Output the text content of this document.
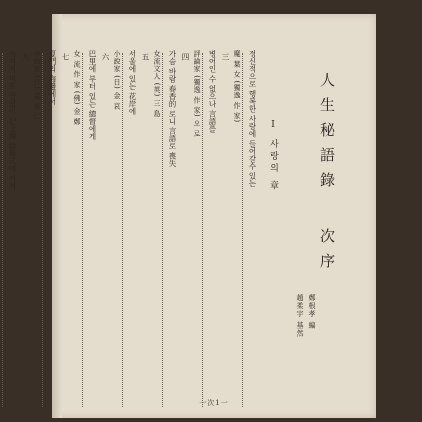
人生秘語錄 次序
鄭根孝 編
趙柔宇 基然
Ⅰ 사랑의 章
정신적으로 행복한 사랑에 들어갈수 있는
魔 葉 女 (獨逸 作 家)
三
병어인 수 없으나 言語를
評論家 (獨逸 作 家) 오 로
四
가슴 바랍 春香的 로니 言語로 喪失
女流文人 (英) 三 島
五
서울에 있는 花岸에
小說家 (日) 金 哀
六
巴里에 부터 있는 總督에게
女 流 作 家 (佛) 金 鄭
七
夏門의 海邊에서
小說家 (日) 金 東 仁
九
쓰러져 미도 말없이 記念碑 除幕式에 가서
一次1一
